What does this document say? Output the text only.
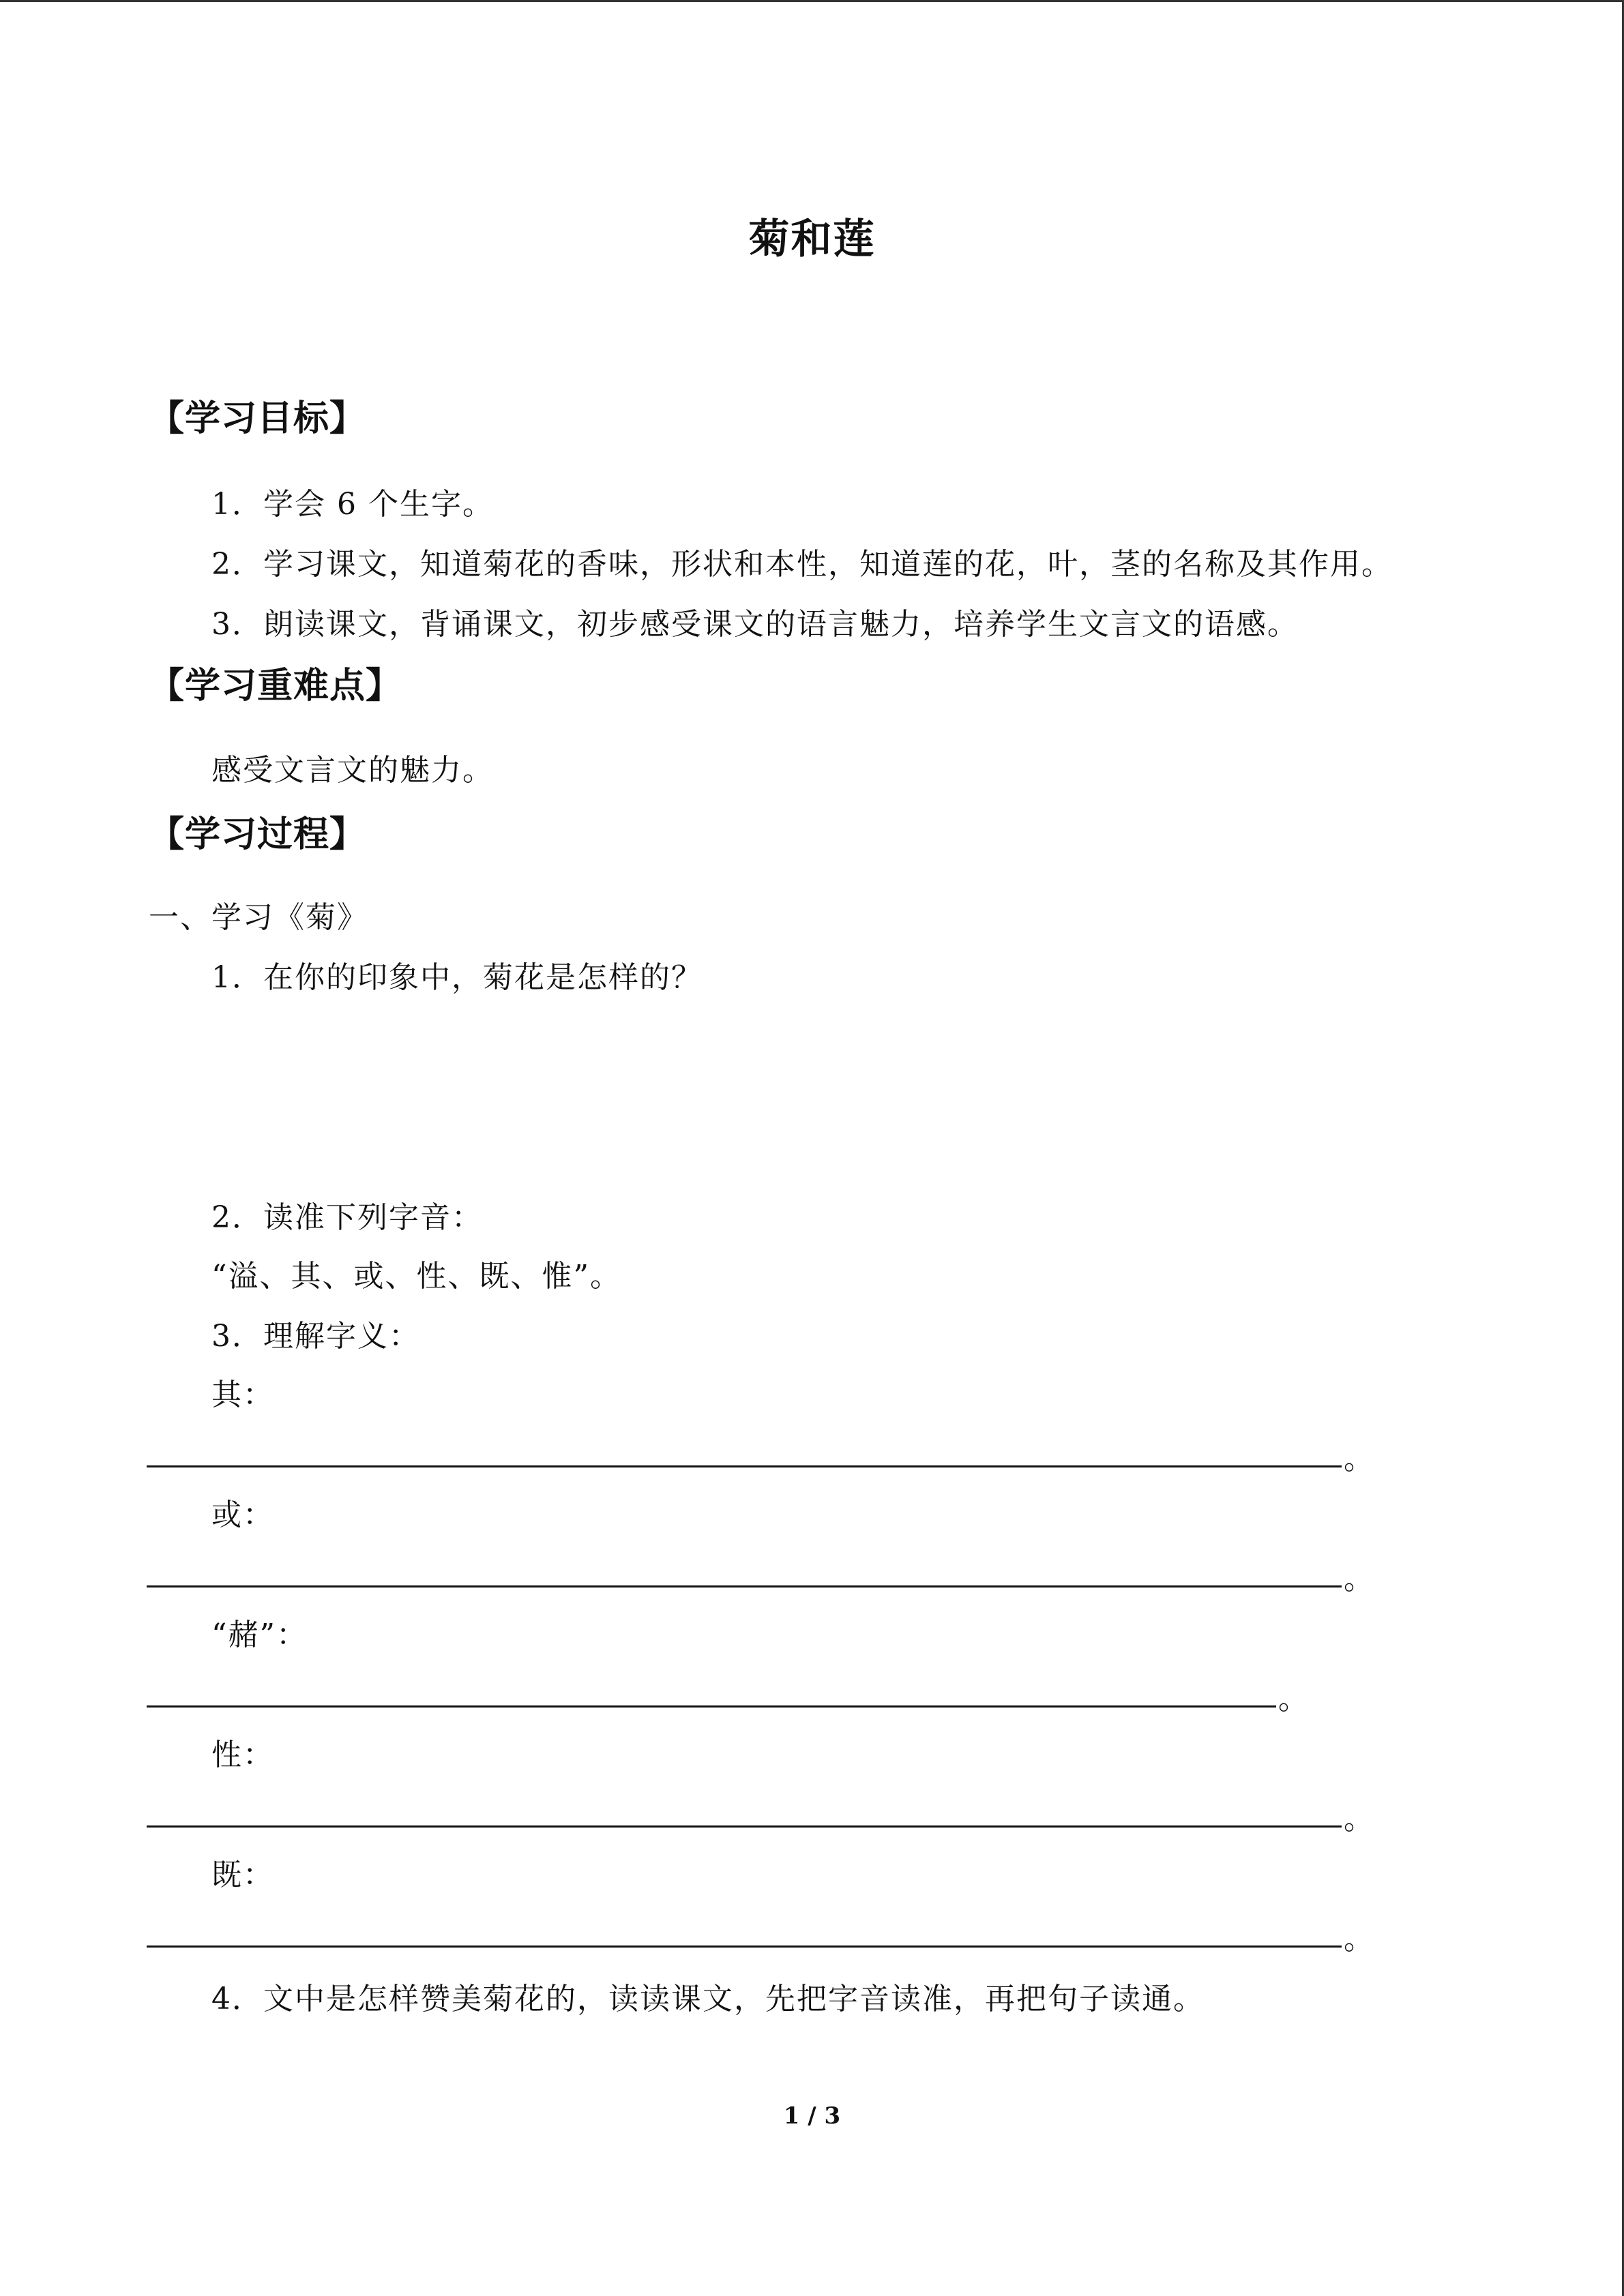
菊和莲
【学习目标】
1．学会 6 个生字。
2．学习课文，知道菊花的香味，形状和本性，知道莲的花，叶，茎的名称及其作用。
3．朗读课文，背诵课文，初步感受课文的语言魅力，培养学生文言文的语感。
【学习重难点】
感受文言文的魅力。
【学习过程】
一、学习《菊》
1．在你的印象中，菊花是怎样的？
2．读准下列字音：
“溢、其、或、性、既、惟”。
3．理解字义：
其：
。
或：
。
“赭”：
。
性：
。
既：
。
4．文中是怎样赞美菊花的，读读课文，先把字音读准，再把句子读通。
1 / 3
